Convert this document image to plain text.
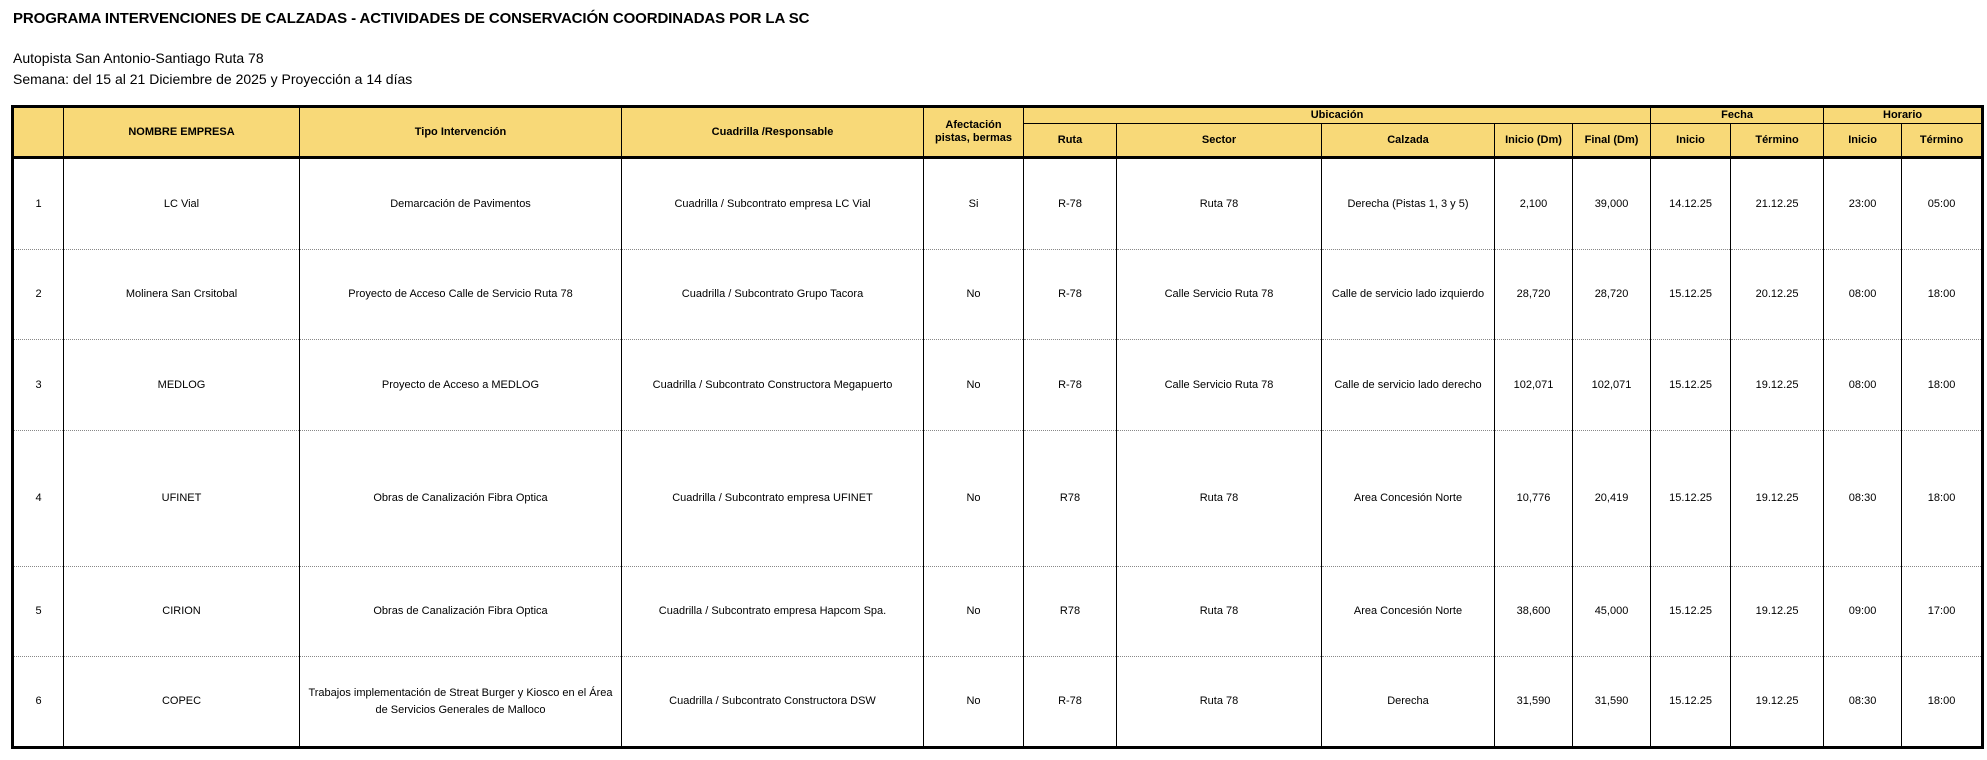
PROGRAMA INTERVENCIONES DE CALZADAS - ACTIVIDADES DE CONSERVACIÓN COORDINADAS POR LA SC
Autopista San Antonio-Santiago Ruta 78
Semana: del 15 al 21 Diciembre de 2025 y Proyección a 14 días
	NOMBRE EMPRESA	Tipo Intervención	Cuadrilla /Responsable	Afectación pistas, bermas	Ubicación					Fecha		Horario	
					Ruta	Sector	Calzada	Inicio (Dm)	Final (Dm)	Inicio	Término	Inicio	Término
1	LC Vial	Demarcación de Pavimentos	Cuadrilla / Subcontrato empresa LC Vial	Si	R-78	Ruta 78	Derecha (Pistas 1, 3 y 5)	2,100	39,000	14.12.25	21.12.25	23:00	05:00
2	Molinera San Crsitobal	Proyecto de Acceso Calle de Servicio Ruta 78	Cuadrilla / Subcontrato Grupo Tacora	No	R-78	Calle Servicio Ruta 78	Calle de servicio lado izquierdo	28,720	28,720	15.12.25	20.12.25	08:00	18:00
3	MEDLOG	Proyecto de Acceso a MEDLOG	Cuadrilla / Subcontrato Constructora Megapuerto	No	R-78	Calle Servicio Ruta 78	Calle de servicio lado derecho	102,071	102,071	15.12.25	19.12.25	08:00	18:00
4	UFINET	Obras de Canalización Fibra Optica	Cuadrilla / Subcontrato empresa UFINET	No	R78	Ruta 78	Area Concesión Norte	10,776	20,419	15.12.25	19.12.25	08:30	18:00
5	CIRION	Obras de Canalización Fibra Optica	Cuadrilla / Subcontrato empresa Hapcom Spa.	No	R78	Ruta 78	Area Concesión Norte	38,600	45,000	15.12.25	19.12.25	09:00	17:00
6	COPEC	Trabajos implementación de Streat Burger y Kiosco en el Área de Servicios Generales de Malloco	Cuadrilla / Subcontrato Constructora DSW	No	R-78	Ruta 78	Derecha	31,590	31,590	15.12.25	19.12.25	08:30	18:00
